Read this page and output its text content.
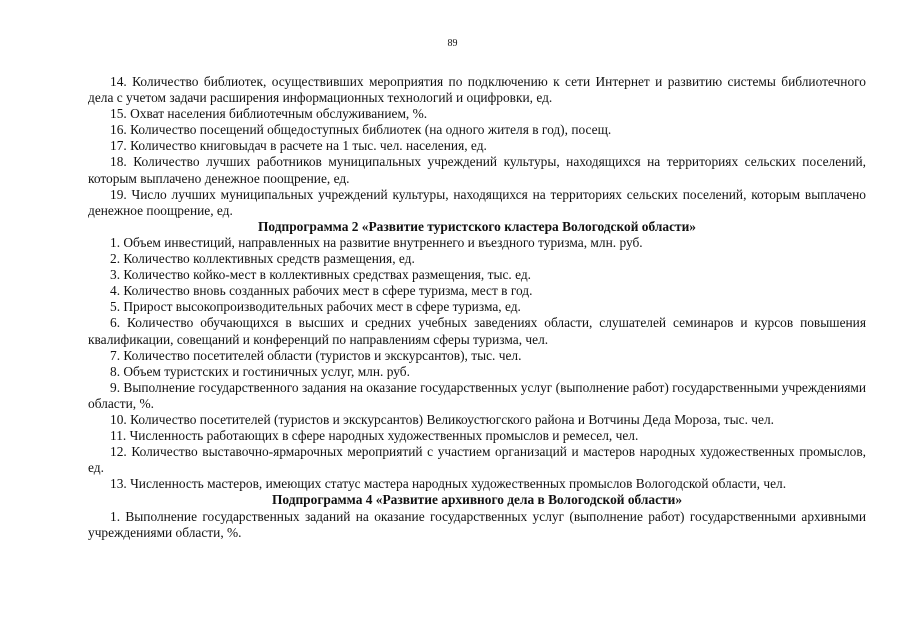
89

14. Количество библиотек, осуществивших мероприятия по подключению к сети Интернет и развитию системы библиотечного дела с учетом задачи расширения информационных технологий и оцифровки, ед.

15. Охват населения библиотечным обслуживанием, %.

16. Количество посещений общедоступных библиотек (на одного жителя в год), посещ.

17. Количество книговыдач в расчете на 1 тыс. чел. населения, ед.

18. Количество лучших работников муниципальных учреждений культуры, находящихся на территориях сельских поселений, которым выплачено денежное поощрение, ед.

19. Число лучших муниципальных учреждений культуры, находящихся на территориях сельских поселений, которым выплачено денежное поощрение, ед.

Подпрограмма 2 «Развитие туристского кластера Вологодской области»

1. Объем инвестиций, направленных на развитие внутреннего и въездного туризма, млн. руб.

2. Количество коллективных средств размещения, ед.

3. Количество койко-мест в коллективных средствах размещения, тыс. ед.

4. Количество вновь созданных рабочих мест в сфере туризма, мест в год.

5. Прирост высокопроизводительных рабочих мест в сфере туризма, ед.

6. Количество обучающихся в высших и средних учебных заведениях области, слушателей семинаров и курсов повышения квалификации, совещаний и конференций по направлениям сферы туризма, чел.

7. Количество посетителей области (туристов и экскурсантов), тыс. чел.

8. Объем туристских и гостиничных услуг, млн. руб.

9. Выполнение государственного задания на оказание государственных услуг (выполнение работ) государственными учреждениями области, %.

10. Количество посетителей (туристов и экскурсантов) Великоустюгского района и Вотчины Деда Мороза, тыс. чел.

11. Численность работающих в сфере народных художественных промыслов и ремесел, чел.

12. Количество выставочно-ярмарочных мероприятий с участием организаций и мастеров народных художественных промыслов, ед.

13. Численность мастеров, имеющих статус мастера народных художественных промыслов Вологодской области, чел.

Подпрограмма 4 «Развитие архивного дела в Вологодской области»

1. Выполнение государственных заданий на оказание государственных услуг (выполнение работ) государственными архивными учреждениями области, %.
